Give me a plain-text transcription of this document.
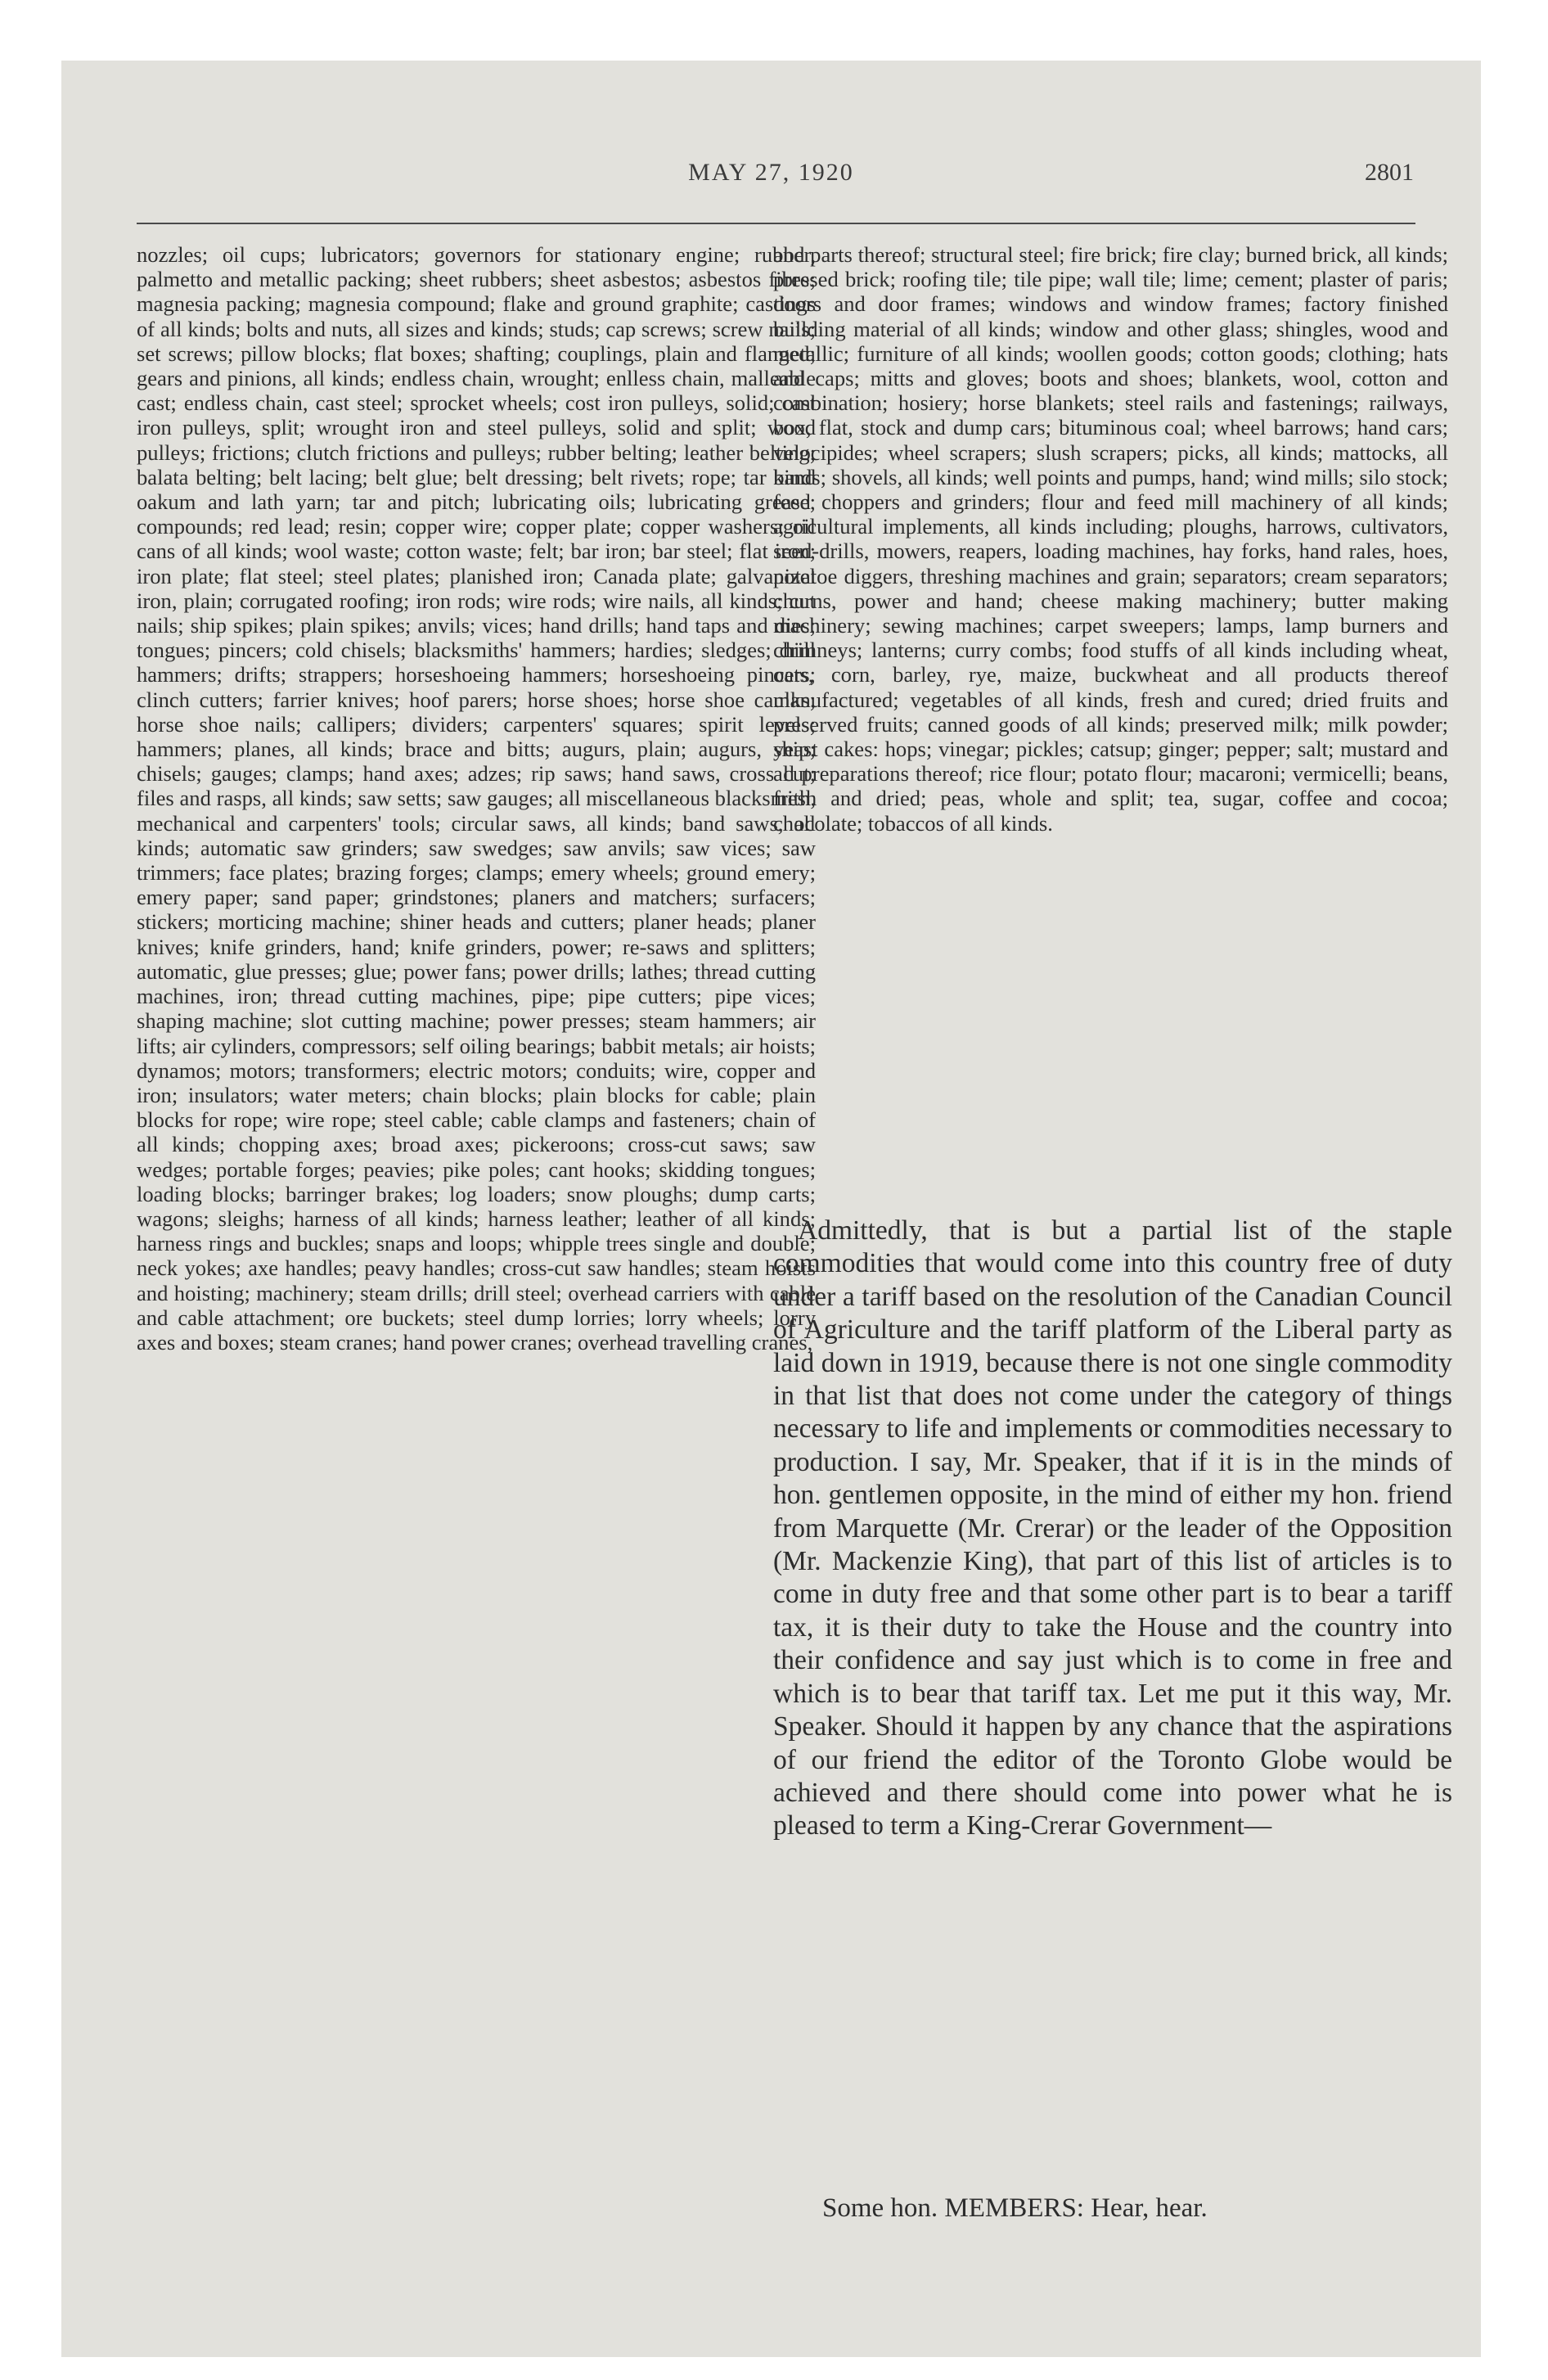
MAY 27, 1920	2801

nozzles; oil cups; lubricators; governors for stationary engine; rubber, palmetto and metallic packing; sheet rubbers; sheet asbestos; asbestos fibre; magnesia packing; magnesia compound; flake and ground graphite; castings of all kinds; bolts and nuts, all sizes and kinds; studs; cap screws; screw nails; set screws; pillow blocks; flat boxes; shafting; couplings, plain and flanged; gears and pinions, all kinds; endless chain, wrought; enlless chain, malleable cast; endless chain, cast steel; sprocket wheels; cost iron pulleys, solid; cast iron pulleys, split; wrought iron and steel pulleys, solid and split; wood pulleys; frictions; clutch frictions and pulleys; rubber belting; leather belting; balata belting; belt lacing; belt glue; belt dressing; belt rivets; rope; tar band oakum and lath yarn; tar and pitch; lubricating oils; lubricating grease; compounds; red lead; resin; copper wire; copper plate; copper washers; oil cans of all kinds; wool waste; cotton waste; felt; bar iron; bar steel; flat iron; iron plate; flat steel; steel plates; planished iron; Canada plate; galvanizel iron, plain; corrugated roofing; iron rods; wire rods; wire nails, all kinds; cut nails; ship spikes; plain spikes; anvils; vices; hand drills; hand taps and dies; tongues; pincers; cold chisels; blacksmiths' hammers; hardies; sledges; drill hammers; drifts; strappers; horseshoeing hammers; horseshoeing pincers; clinch cutters; farrier knives; hoof parers; horse shoes; horse shoe caulks; horse shoe nails; callipers; dividers; carpenters' squares; spirit levels; hammers; planes, all kinds; brace and bitts; augurs, plain; augurs, ship; chisels; gauges; clamps; hand axes; adzes; rip saws; hand saws, cross cut; files and rasps, all kinds; saw setts; saw gauges; all miscellaneous blacksmith, mechanical and carpenters' tools; circular saws, all kinds; band saws, all kinds; automatic saw grinders; saw swedges; saw anvils; saw vices; saw trimmers; face plates; brazing forges; clamps; emery wheels; ground emery; emery paper; sand paper; grindstones; planers and matchers; surfacers; stickers; morticing machine; shiner heads and cutters; planer heads; planer knives; knife grinders, hand; knife grinders, power; re-saws and splitters; automatic, glue presses; glue; power fans; power drills; lathes; thread cutting machines, iron; thread cutting machines, pipe; pipe cutters; pipe vices; shaping machine; slot cutting machine; power presses; steam hammers; air lifts; air cylinders, compressors; self oiling bearings; babbit metals; air hoists; dynamos; motors; transformers; electric motors; conduits; wire, copper and iron; insulators; water meters; chain blocks; plain blocks for cable; plain blocks for rope; wire rope; steel cable; cable clamps and fasteners; chain of all kinds; chopping axes; broad axes; pickeroons; cross-cut saws; saw wedges; portable forges; peavies; pike poles; cant hooks; skidding tongues; loading blocks; barringer brakes; log loaders; snow ploughs; dump carts; wagons; sleighs; harness of all kinds; harness leather; leather of all kinds; harness rings and buckles; snaps and loops; whipple trees single and double; neck yokes; axe handles; peavy handles; cross-cut saw handles; steam hoists and hoisting; machinery; steam drills; drill steel; overhead carriers with cable and cable attachment; ore buckets; steel dump lorries; lorry wheels; lorry axes and boxes; steam cranes; hand power cranes; overhead travelling cranes,

and parts thereof; structural steel; fire brick; fire clay; burned brick, all kinds; pressed brick; roofing tile; tile pipe; wall tile; lime; cement; plaster of paris; doors and door frames; windows and window frames; factory finished building material of all kinds; window and other glass; shingles, wood and metallic; furniture of all kinds; woollen goods; cotton goods; clothing; hats and caps; mitts and gloves; boots and shoes; blankets, wool, cotton and combination; hosiery; horse blankets; steel rails and fastenings; railways, box, flat, stock and dump cars; bituminous coal; wheel barrows; hand cars; velocipides; wheel scrapers; slush scrapers; picks, all kinds; mattocks, all kinds; shovels, all kinds; well points and pumps, hand; wind mills; silo stock; feed choppers and grinders; flour and feed mill machinery of all kinds; agricultural implements, all kinds including; ploughs, harrows, cultivators, seed-drills, mowers, reapers, loading machines, hay forks, hand rales, hoes, potatoe diggers, threshing machines and grain; separators; cream separators; churns, power and hand; cheese making machinery; butter making machinery; sewing machines; carpet sweepers; lamps, lamp burners and chimneys; lanterns; curry combs; food stuffs of all kinds including wheat, oats, corn, barley, rye, maize, buckwheat and all products thereof manufactured; vegetables of all kinds, fresh and cured; dried fruits and preserved fruits; canned goods of all kinds; preserved milk; milk powder; yeast cakes: hops; vinegar; pickles; catsup; ginger; pepper; salt; mustard and all preparations thereof; rice flour; potato flour; macaroni; vermicelli; beans, fresh and dried; peas, whole and split; tea, sugar, coffee and cocoa; chocolate; tobaccos of all kinds.

Admittedly, that is but a partial list of the staple commodities that would come into this country free of duty under a tariff based on the resolution of the Canadian Council of Agriculture and the tariff platform of the Liberal party as laid down in 1919, because there is not one single commodity in that list that does not come under the category of things necessary to life and implements or commodities necessary to production. I say, Mr. Speaker, that if it is in the minds of hon. gentlemen opposite, in the mind of either my hon. friend from Marquette (Mr. Crerar) or the leader of the Opposition (Mr. Mackenzie King), that part of this list of articles is to come in duty free and that some other part is to bear a tariff tax, it is their duty to take the House and the country into their confidence and say just which is to come in free and which is to bear that tariff tax. Let me put it this way, Mr. Speaker. Should it happen by any chance that the aspirations of our friend the editor of the Toronto Globe would be achieved and there should come into power what he is pleased to term a King-Crerar Government—

Some hon. MEMBERS: Hear, hear.
